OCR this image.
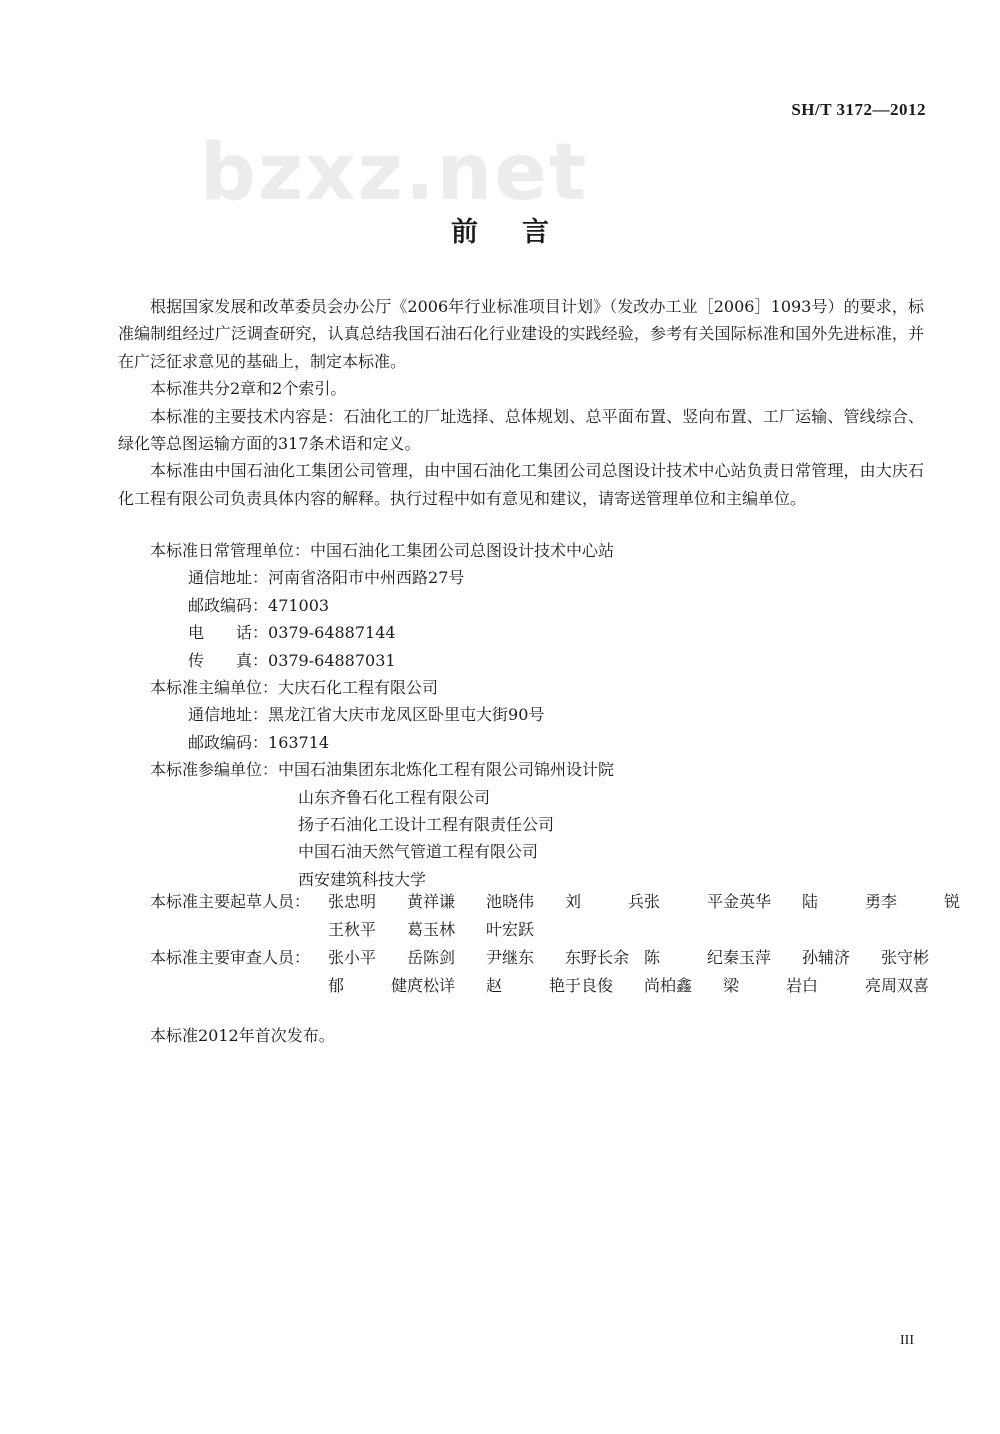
SH/T 3172—2012
bzxz.net
前 言

根据国家发展和改革委员会办公厅《2006年行业标准项目计划》（发改办工业［2006］1093号）的要求，标准编制组经过广泛调查研究，认真总结我国石油石化行业建设的实践经验，参考有关国际标准和国外先进标准，并在广泛征求意见的基础上，制定本标准。

本标准共分2章和2个索引。

本标准的主要技术内容是：石油化工的厂址选择、总体规划、总平面布置、竖向布置、工厂运输、管线综合、绿化等总图运输方面的317条术语和定义。

本标准由中国石油化工集团公司管理，由中国石油化工集团公司总图设计技术中心站负责日常管理，由大庆石化工程有限公司负责具体内容的解释。执行过程中如有意见和建议，请寄送管理单位和主编单位。

本标准日常管理单位： 中国石油化工集团公司总图设计技术中心站
通信地址： 河南省洛阳市中州西路27号
邮政编码： 471003
电　　话： 0379-64887144
传　　真： 0379-64887031
本标准主编单位： 大庆石化工程有限公司
通信地址： 黑龙江省大庆市龙凤区卧里屯大街90号
邮政编码： 163714
本标准参编单位： 中国石油集团东北炼化工程有限公司锦州设计院
山东齐鲁石化工程有限公司
扬子石油化工设计工程有限责任公司
中国石油天然气管道工程有限公司
西安建筑科技大学
本标准主要起草人员：	张忠明	黄祥谦	池晓伟	刘	兵 张	平 金英华	陆	勇 李	锐
王秋平	葛玉林	叶宏跃
本标准主要审查人员：	张小平	岳陈剑	尹继东	东野长余 陈	纪 秦玉萍	孙辅济	张守彬
郁	健 庹松详	赵	艳 于良俊	尚柏鑫	梁	岩 白	亮 周双喜
本标准2012年首次发布。
III
